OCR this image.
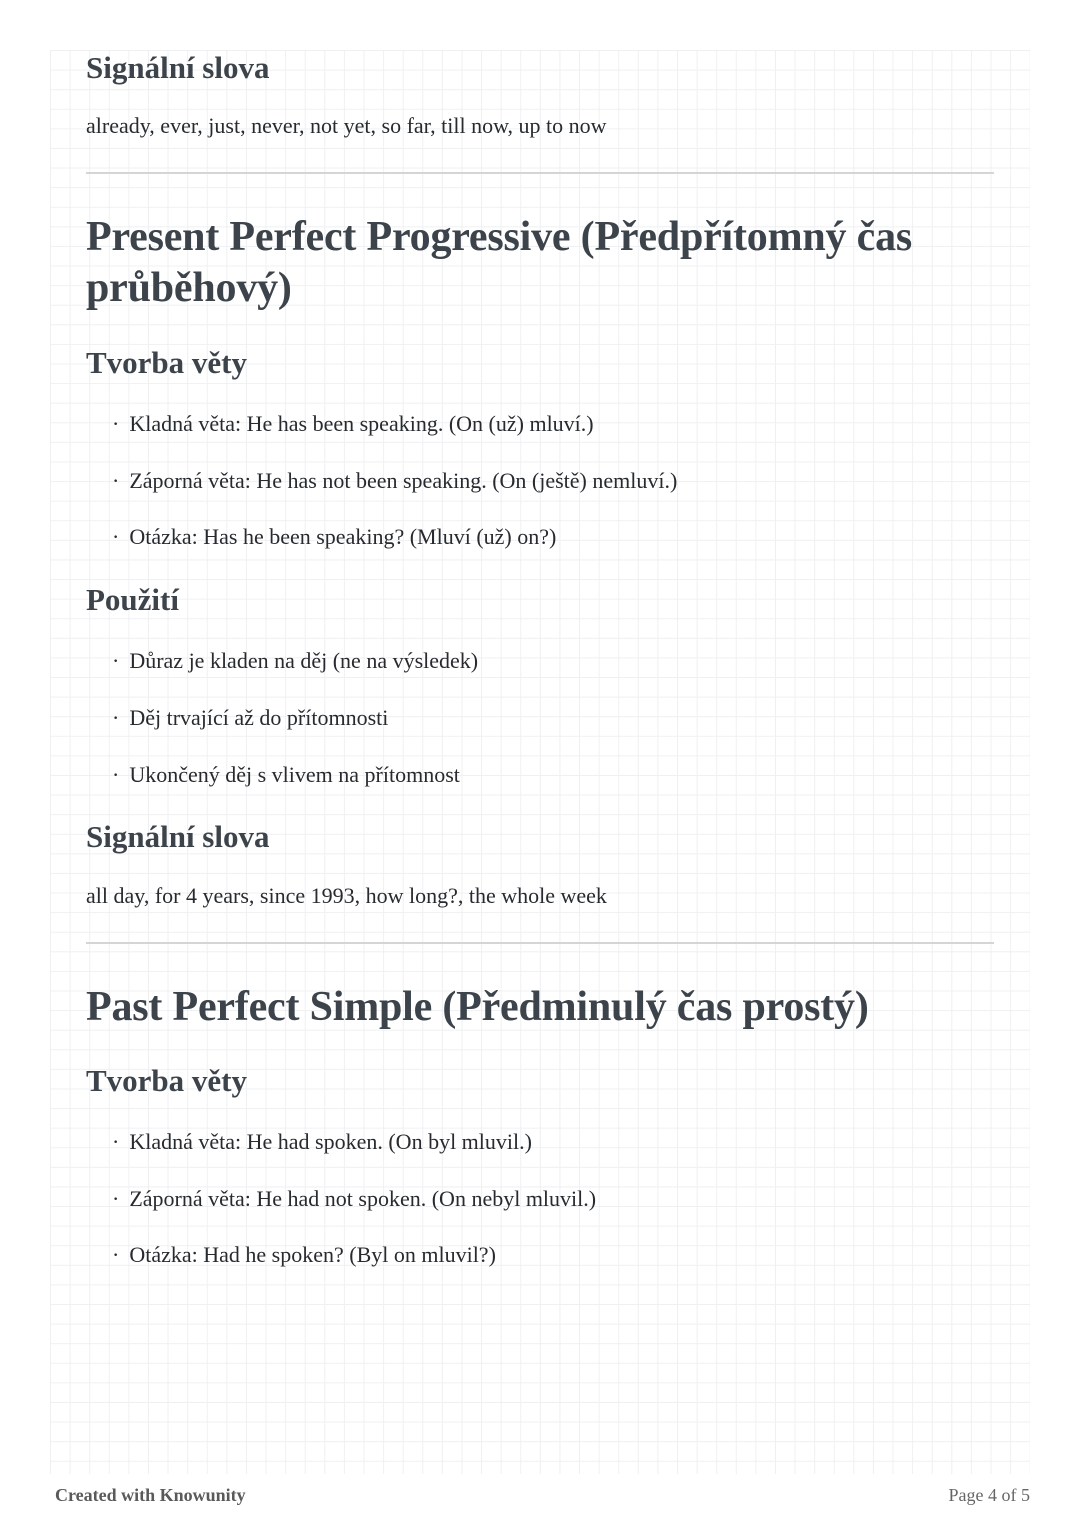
Signální slova

already, ever, just, never, not yet, so far, till now, up to now

Present Perfect Progressive (Předpřítomný čas průběhový)
Tvorba věty
· Kladná věta: He has been speaking. (On (už) mluví.)
· Záporná věta: He has not been speaking. (On (ještě) nemluví.)
· Otázka: Has he been speaking? (Mluví (už) on?)
Použití
· Důraz je kladen na děj (ne na výsledek)
· Děj trvající až do přítomnosti
· Ukončený děj s vlivem na přítomnost
Signální slova

all day, for 4 years, since 1993, how long?, the whole week

Past Perfect Simple (Předminulý čas prostý)
Tvorba věty
· Kladná věta: He had spoken. (On byl mluvil.)
· Záporná věta: He had not spoken. (On nebyl mluvil.)
· Otázka: Had he spoken? (Byl on mluvil?)
Created with Knowunity	Page 4 of 5
